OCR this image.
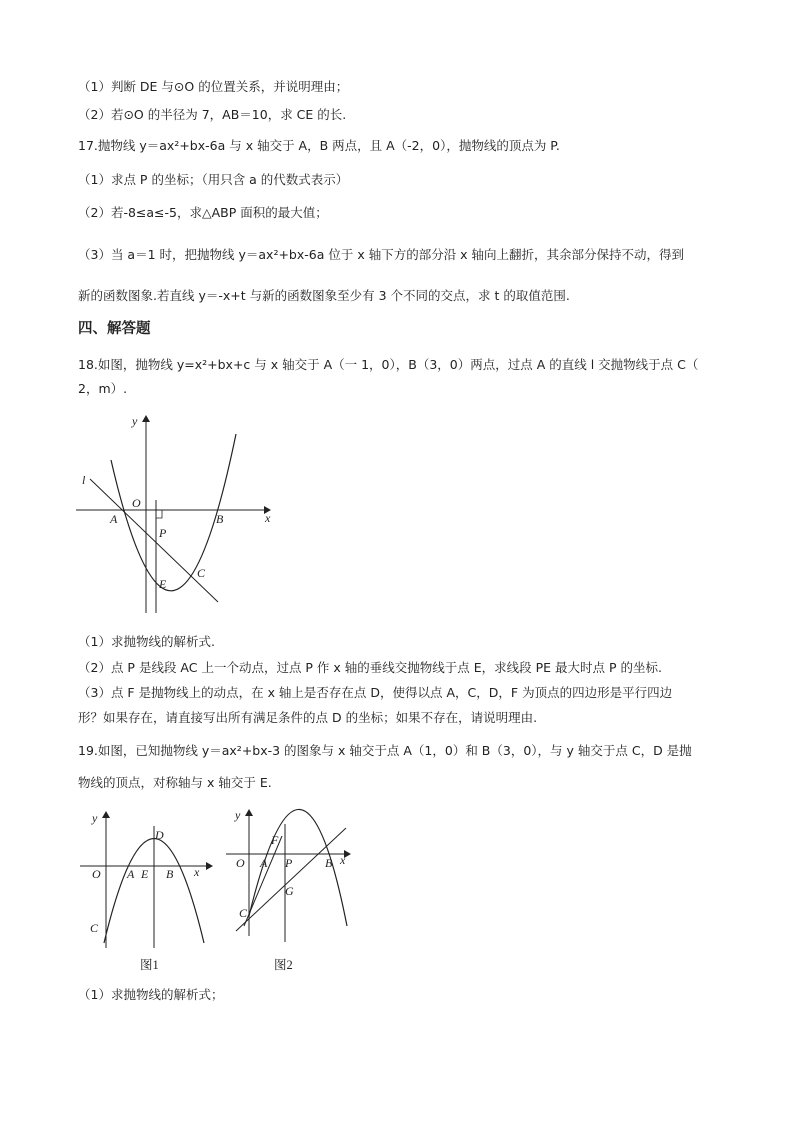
（1）判断 DE 与⊙O 的位置关系，并说明理由；
（2）若⊙O 的半径为 7，AB＝10，求 CE 的长.
17.抛物线 y＝ax²+bx-6a 与 x 轴交于 A，B 两点，且 A（-2，0），抛物线的顶点为 P.
（1）求点 P 的坐标；（用只含 a 的代数式表示）
（2）若-8≤a≤-5，求△ABP 面积的最大值；
（3）当 a＝1 时，把抛物线 y＝ax²+bx-6a 位于 x 轴下方的部分沿 x 轴向上翻折，其余部分保持不动，得到
新的函数图象.若直线 y＝-x+t 与新的函数图象至少有 3 个不同的交点，求 t 的取值范围.
四、解答题
18.如图，抛物线 y=x²+bx+c 与 x 轴交于 A（一 1，0），B（3，0）两点，过点 A 的直线 l 交抛物线于点 C（
2，m）.
y
x
l
O
A	B
P
E
C
（1）求抛物线的解析式.
（2）点 P 是线段 AC 上一个动点，过点 P 作 x 轴的垂线交抛物线于点 E，求线段 PE 最大时点 P 的坐标.
（3）点 F 是抛物线上的动点，在 x 轴上是否存在点 D，使得以点 A，C，D，F 为顶点的四边形是平行四边
形？如果存在，请直接写出所有满足条件的点 D 的坐标；如果不存在，请说明理由.
19.如图，已知抛物线 y＝ax²+bx-3 的图象与 x 轴交于点 A（1，0）和 B（3，0），与 y 轴交于点 C，D 是抛
物线的顶点，对称轴与 x 轴交于 E.
y
x
O A E B
D
C
图1
y
x
O A P	B
F
G
C
图2
（1）求抛物线的解析式；
